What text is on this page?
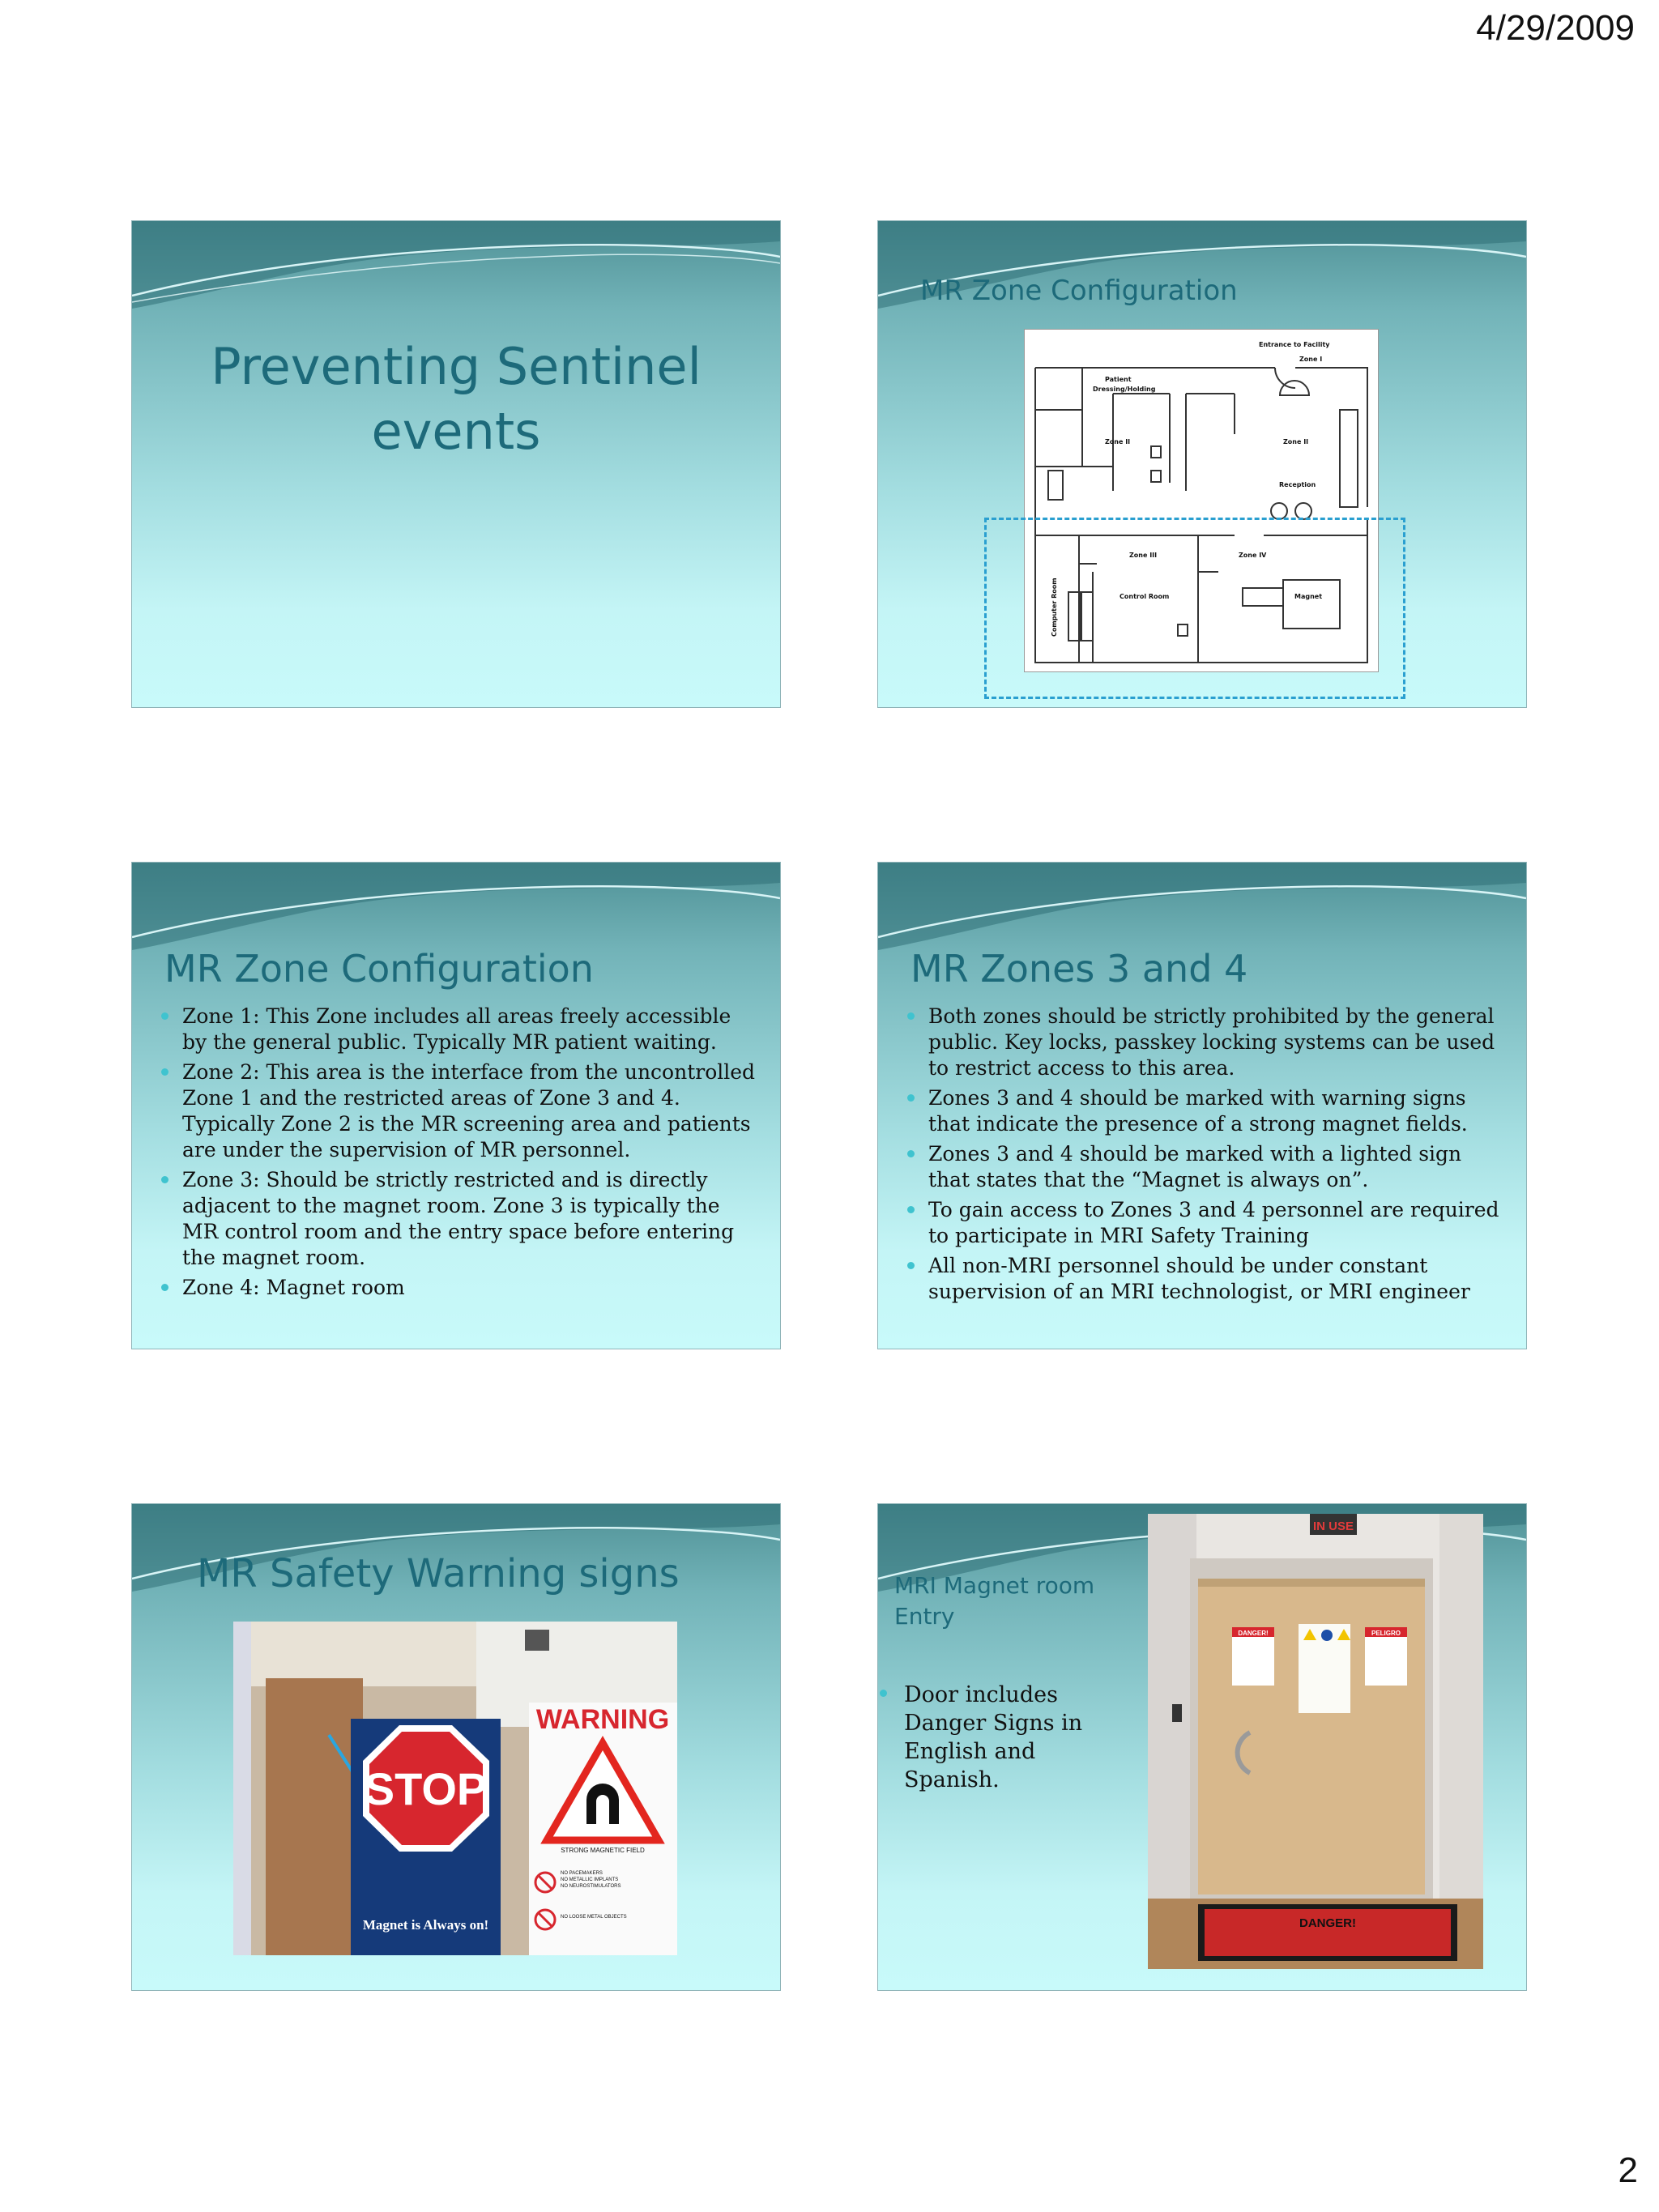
4/29/2009
Preventing Sentinel events
MR Zone Configuration
Entrance to Facility
Zone I
Patient
Dressing/Holding
Zone II	Zone II
Reception
Zone III	Zone IV
Control Room	Magnet
Computer Room
MR Zone Configuration
Zone 1: This Zone includes all areas freely accessible by the general public. Typically MR patient waiting.
Zone 2: This area is the interface from the uncontrolled Zone 1 and the restricted areas of Zone 3 and 4. Typically Zone 2 is the MR screening area and patients are under the supervision of MR personnel.
Zone 3: Should be strictly restricted and is directly adjacent to the magnet room. Zone 3 is typically the MR control room and the entry space before entering the magnet room.
Zone 4: Magnet room
MR Zones 3 and 4
Both zones should be strictly prohibited by the general public. Key locks, passkey locking systems can be used to restrict access to this area.
Zones 3 and 4 should be marked with warning signs that indicate the presence of a strong magnet fields.
Zones 3 and 4 should be marked with a lighted sign that states that the “Magnet is always on”.
To gain access to Zones 3 and 4 personnel are required to participate in MRI Safety Training
All non-MRI personnel should be under constant supervision of an MRI technologist, or MRI engineer
MR Safety Warning signs
STOP
Magnet is Always on!
WARNING
STRONG MAGNETIC FIELD
NO PACEMAKERS
NO METALLIC IMPLANTS
NO NEUROSTIMULATORS
NO LOOSE METAL OBJECTS
MRI Magnet room Entry
Door includes Danger Signs in English and Spanish.
IN USE
DANGER!	PELIGRO
DANGER!
2
